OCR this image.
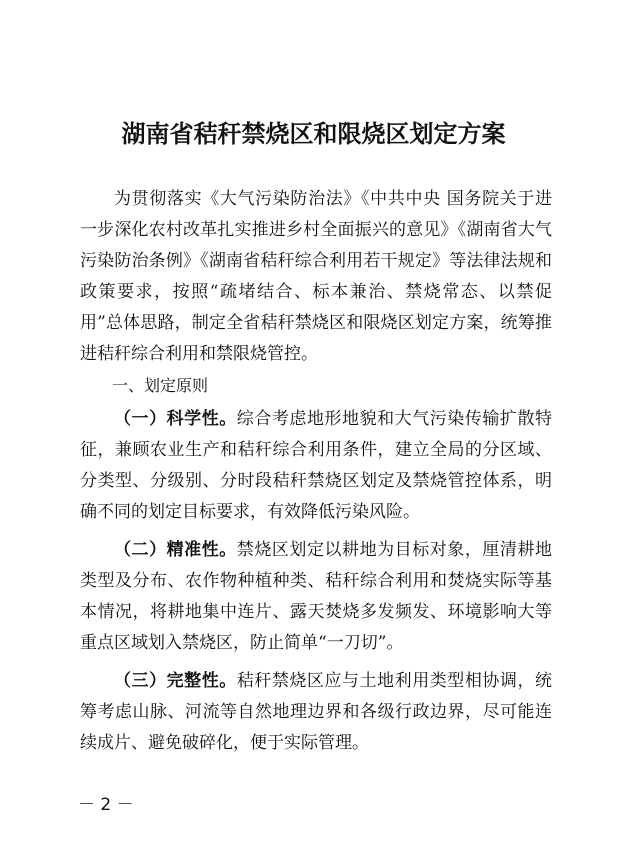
湖南省秸秆禁烧区和限烧区划定方案

为贯彻落实《大气污染防治法》《中共中央 国务院关于进一步深化农村改革扎实推进乡村全面振兴的意见》《湖南省大气污染防治条例》《湖南省秸秆综合利用若干规定》等法律法规和政策要求，按照“疏堵结合、标本兼治、禁烧常态、以禁促用”总体思路，制定全省秸秆禁烧区和限烧区划定方案，统筹推进秸秆综合利用和禁限烧管控。

一、划定原则

（一）科学性。综合考虑地形地貌和大气污染传输扩散特征，兼顾农业生产和秸秆综合利用条件，建立全局的分区域、分类型、分级别、分时段秸秆禁烧区划定及禁烧管控体系，明确不同的划定目标要求，有效降低污染风险。

（二）精准性。禁烧区划定以耕地为目标对象，厘清耕地类型及分布、农作物种植种类、秸秆综合利用和焚烧实际等基本情况，将耕地集中连片、露天焚烧多发频发、环境影响大等重点区域划入禁烧区，防止简单“一刀切”。

（三）完整性。秸秆禁烧区应与土地利用类型相协调，统筹考虑山脉、河流等自然地理边界和各级行政边界，尽可能连续成片、避免破碎化，便于实际管理。

－ 2 －
